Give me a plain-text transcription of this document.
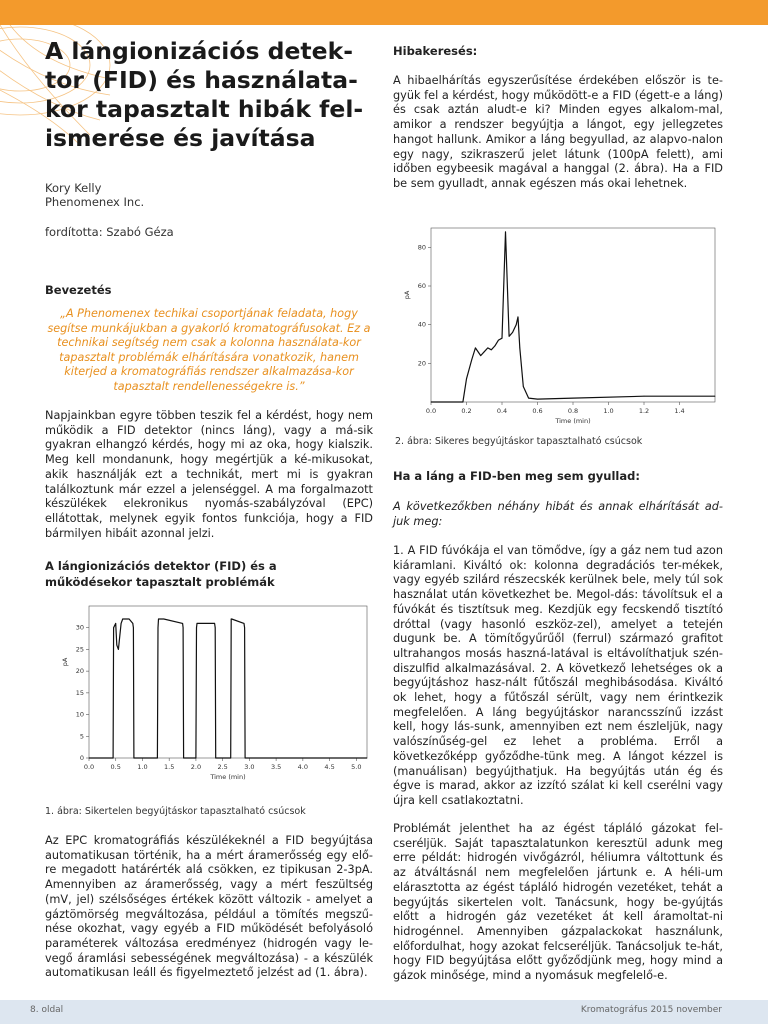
A lángionizációs detek-tor (FID) és használata-kor tapasztalt hibák fel-ismerése és javítása
Kory Kelly
Phenomenex Inc.
fordította: Szabó Géza
Bevezetés

„A Phenomenex techikai csoportjának feladata, hogy segítse munkájukban a gyakorló kromatográfusokat. Ez a technikai segítség nem csak a kolonna használata-kor tapasztalt problémák elhárítására vonatkozik, hanem kiterjed a kromatográfiás rendszer alkalmazása-kor tapasztalt rendellenességekre is.”

Napjainkban egyre többen teszik fel a kérdést, hogy nem működik a FID detektor (nincs láng), vagy a má-sik gyakran elhangzó kérdés, hogy mi az oka, hogy kialszik. Meg kell mondanunk, hogy megértjük a ké-mikusokat, akik használják ezt a technikát, mert mi is gyakran találkoztunk már ezzel a jelenséggel. A ma forgalmazott készülékek elekronikus nyomás-szabályzóval (EPC) ellátottak, melynek egyik fontos funkciója, hogy a FID bármilyen hibáit azonnal jelzi.

A lángionizációs detektor (FID) és a működésekor tapasztalt problémák
0.0	0.5	1.0	1.5	2.0	2.5	3.0	3.5	4.0	4.5	5.0
0
5
10
15
20
25
30
Time (min)
pA
1. ábra: Sikertelen begyújtáskor tapasztalható csúcsok

Az EPC kromatográfiás készülékeknél a FID begyújtása automatikusan történik, ha a mért áramerősség egy elő-re megadott határérték alá csökken, ez tipikusan 2-3pA. Amennyiben az áramerősség, vagy a mért feszültség (mV, jel) szélsőséges értékek között változik - amelyet a gáztömörség megváltozása, például a tömítés megszű-nése okozhat, vagy egyéb a FID működését befolyásoló paraméterek változása eredményez (hidrogén vagy le-vegő áramlási sebességének megváltozása) - a készülék automatikusan leáll és figyelmeztető jelzést ad (1. ábra).

Hibakeresés:

A hibaelhárítás egyszerűsítése érdekében először is te-gyük fel a kérdést, hogy működött-e a FID (égett-e a láng) és csak aztán aludt-e ki? Minden egyes alkalom-mal, amikor a rendszer begyújtja a lángot, egy jellegzetes hangot hallunk. Amikor a láng begyullad, az alapvo-nalon egy nagy, szikraszerű jelet látunk (100pA felett), ami időben egybeesik magával a hanggal (2. ábra). Ha a FID be sem gyulladt, annak egészen más okai lehetnek.

0.0	0.2	0.4	0.6	0.8	1.0	1.2	1.4
20
40
60
80
Time (min)
pA
2. ábra: Sikeres begyújtáskor tapasztalható csúcsok
Ha a láng a FID-ben meg sem gyullad:

A következőkben néhány hibát és annak elhárítását ad-juk meg:

1. A FID fúvókája el van tömődve, így a gáz nem tud azon kiáramlani. Kiváltó ok: kolonna degradációs ter-mékek, vagy egyéb szilárd részecskék kerülnek bele, mely túl sok használat után következhet be. Megol-dás: távolítsuk el a fúvókát és tisztítsuk meg. Kezdjük egy fecskendő tisztító dróttal (vagy hasonló eszköz-zel), amelyet a tetején dugunk be. A tömítőgyűrűől (ferrul) származó grafitot ultrahangos mosás haszná-latával is eltávolíthatjuk szén-diszulfid alkalmazásával. 2. A következő lehetséges ok a begyújtáshoz hasz-nált fűtőszál meghibásodása. Kiváltó ok lehet, hogy a fűtőszál sérült, vagy nem érintkezik megfelelően. A láng begyújtáskor narancsszínű izzást kell, hogy lás-sunk, amennyiben ezt nem észleljük, nagy valószínűség-gel ez lehet a probléma. Erről a következőképp győződhe-tünk meg. A lángot kézzel is (manuálisan) begyújthatjuk. Ha begyújtás után ég és égve is marad, akkor az izzító szálat ki kell cserélni vagy újra kell csatlakoztatni.

Problémát jelenthet ha az égést tápláló gázokat fel-cseréljük. Saját tapasztalatunkon keresztül adunk meg erre példát: hidrogén vivőgázról, héliumra váltottunk és az átváltásnál nem megfelelően jártunk e. A héli-um elárasztotta az égést tápláló hidrogén vezetéket, tehát a begyújtás sikertelen volt. Tanácsunk, hogy be-gyújtás előtt a hidrogén gáz vezetéket át kell áramoltat-ni hidrogénnel. Amennyiben gázpalackokat használunk, előfordulhat, hogy azokat felcseréljük. Tanácsoljuk te-hát, hogy FID begyújtása előtt győződjünk meg, hogy mind a gázok minősége, mind a nyomásuk megfelelő-e.

8. oldal	Kromatográfus 2015 november
